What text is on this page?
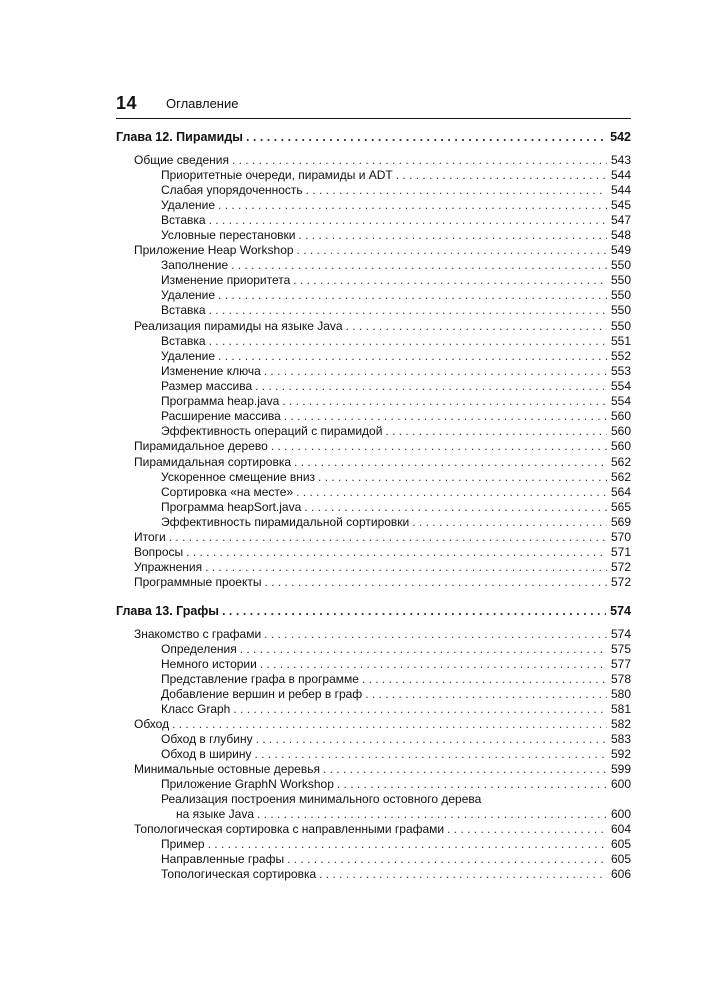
14 Оглавление
Глава 12. Пирамиды . . .	542
Общие сведения . . .	543
Приоритетные очереди, пирамиды и ADT . . .	544
Слабая упорядоченность . . .	544
Удаление . . .	545
Вставка . . .	547
Условные перестановки . . .	548
Приложение Heap Workshop . . .	549
Заполнение . . .	550
Изменение приоритета . . .	550
Удаление . . .	550
Вставка . . .	550
Реализация пирамиды на языке Java . . .	550
Вставка . . .	551
Удаление . . .	552
Изменение ключа . . .	553
Размер массива . . .	554
Программа heap.java . . .	554
Расширение массива . . .	560
Эффективность операций с пирамидой . . .	560
Пирамидальное дерево . . .	560
Пирамидальная сортировка . . .	562
Ускоренное смещение вниз . . .	562
Сортировка «на месте» . . .	564
Программа heapSort.java . . .	565
Эффективность пирамидальной сортировки . . .	569
Итоги . . .	570
Вопросы . . .	571
Упражнения . . .	572
Программные проекты . . .	572
Глава 13. Графы . . .	574
Знакомство с графами . . .	574
Определения . . .	575
Немного истории . . .	577
Представление графа в программе . . .	578
Добавление вершин и ребер в граф . . .	580
Класс Graph . . .	581
Обход . . .	582
Обход в глубину . . .	583
Обход в ширину . . .	592
Минимальные остовные деревья . . .	599
Приложение GraphN Workshop . . .	600
Реализация построения минимального остовного дерева
на языке Java . . .	600
Топологическая сортировка с направленными графами . . .	604
Пример . . .	605
Направленные графы . . .	605
Топологическая сортировка . . .	606
